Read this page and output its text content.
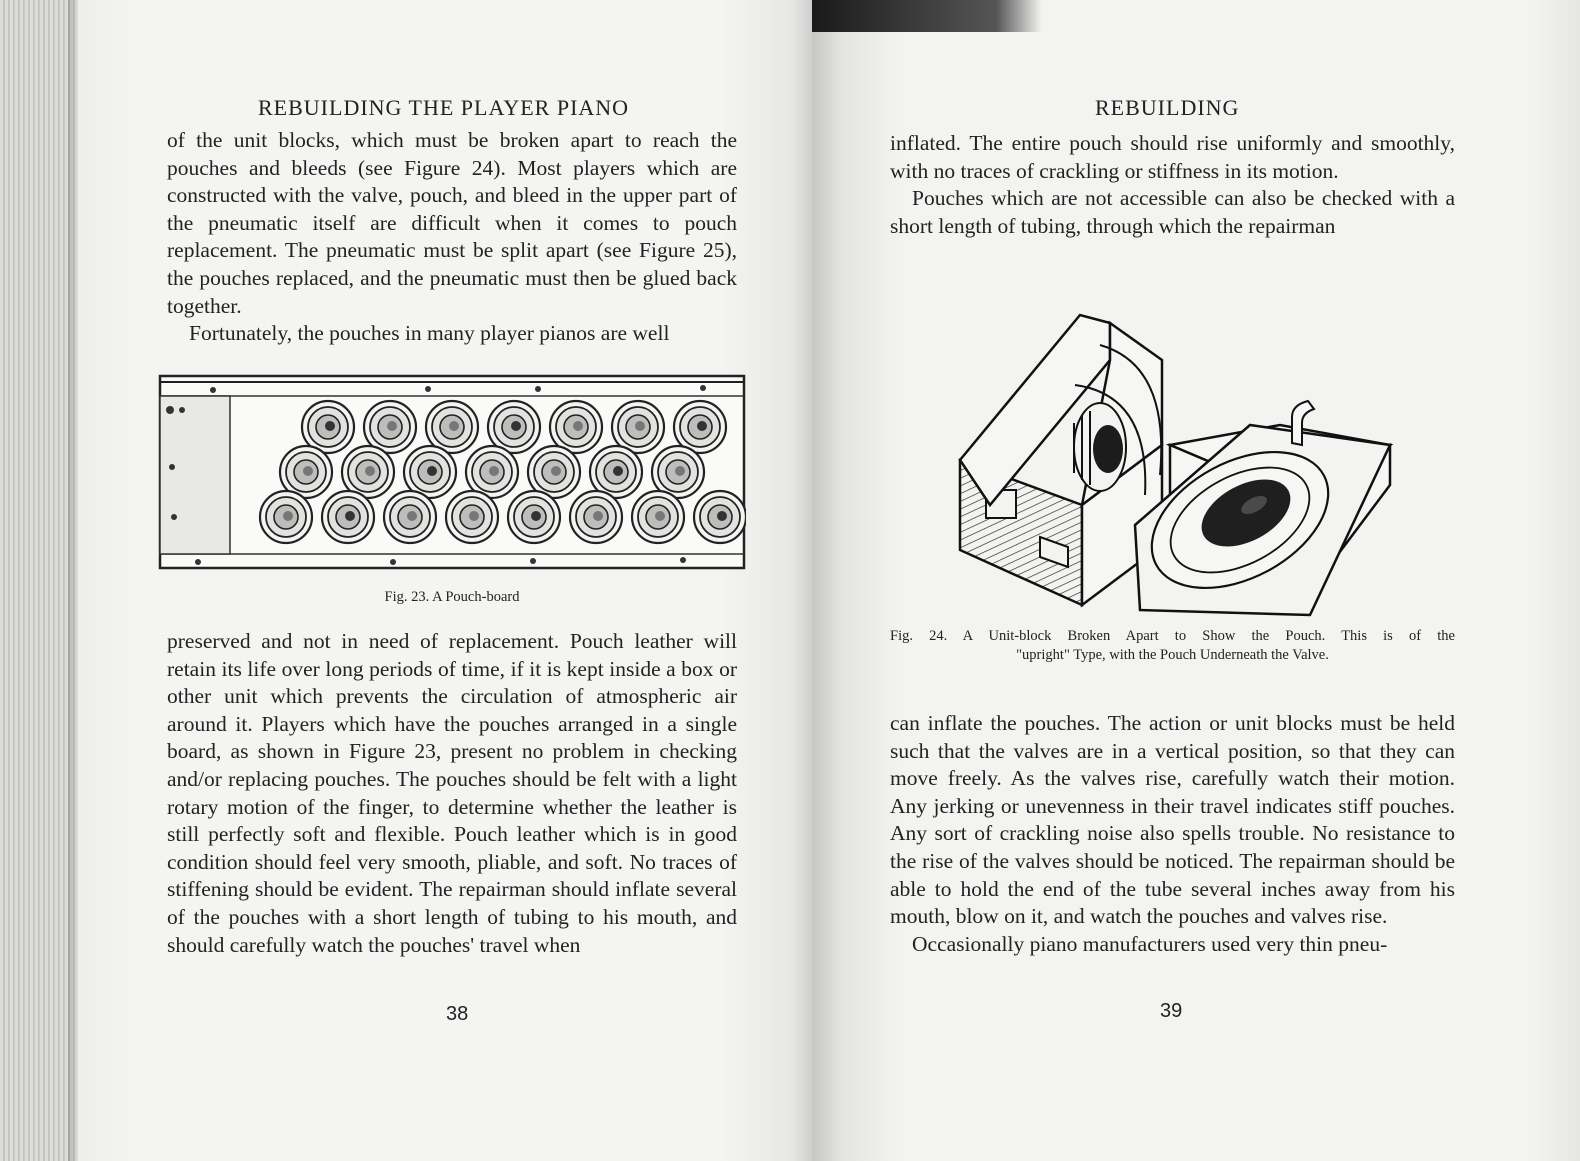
REBUILDING THE PLAYER PIANO

of the unit blocks, which must be broken apart to reach the pouches and bleeds (see Figure 24). Most players which are constructed with the valve, pouch, and bleed in the upper part of the pneumatic itself are difficult when it comes to pouch replacement. The pneumatic must be split apart (see Figure 25), the pouches replaced, and the pneumatic must then be glued back together.

Fortunately, the pouches in many player pianos are well

Fig. 23. A Pouch-board

preserved and not in need of replacement. Pouch leather will retain its life over long periods of time, if it is kept inside a box or other unit which prevents the circulation of atmospheric air around it. Players which have the pouches arranged in a single board, as shown in Figure 23, present no problem in checking and/or replacing pouches. The pouches should be felt with a light rotary motion of the finger, to determine whether the leather is still perfectly soft and flexible. Pouch leather which is in good condition should feel very smooth, pliable, and soft. No traces of stiffening should be evident. The repairman should inflate several of the pouches with a short length of tubing to his mouth, and should carefully watch the pouches' travel when

38
REBUILDING

inflated. The entire pouch should rise uniformly and smoothly, with no traces of crackling or stiffness in its motion.

Pouches which are not accessible can also be checked with a short length of tubing, through which the repairman

Fig. 24. A Unit-block Broken Apart to Show the Pouch. This is of the
"upright" Type, with the Pouch Underneath the Valve.

can inflate the pouches. The action or unit blocks must be held such that the valves are in a vertical position, so that they can move freely. As the valves rise, carefully watch their motion. Any jerking or unevenness in their travel indicates stiff pouches. Any sort of crackling noise also spells trouble. No resistance to the rise of the valves should be noticed. The repairman should be able to hold the end of the tube several inches away from his mouth, blow on it, and watch the pouches and valves rise.

Occasionally piano manufacturers used very thin pneu-

39
